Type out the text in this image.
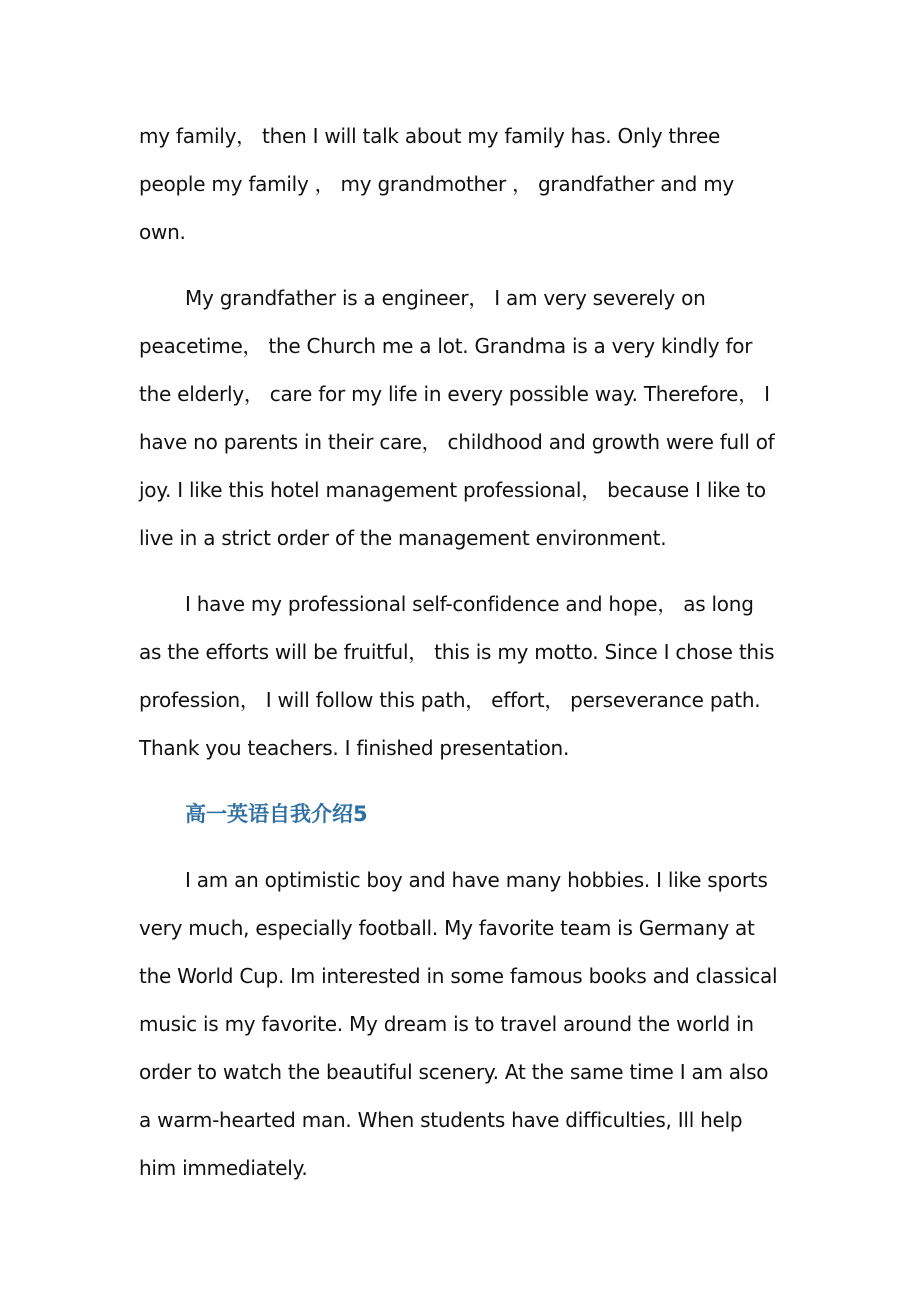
my family， then I will talk about my family has. Only three people my family ， my grandmother ， grandfather and my own.

My grandfather is a engineer， I am very severely on peacetime， the Church me a lot. Grandma is a very kindly for the elderly， care for my life in every possible way. Therefore， I have no parents in their care， childhood and growth were full of joy. I like this hotel management professional， because I like to live in a strict order of the management environment.

I have my professional self-confidence and hope， as long as the efforts will be fruitful， this is my motto. Since I chose this profession， I will follow this path， effort， perseverance path. Thank you teachers. I finished presentation.

高一英语自我介绍5

I am an optimistic boy and have many hobbies. I like sports very much, especially football. My favorite team is Germany at the World Cup. Im interested in some famous books and classical music is my favorite. My dream is to travel around the world in order to watch the beautiful scenery. At the same time I am also a warm-hearted man. When students have difficulties, Ill help him immediately.
